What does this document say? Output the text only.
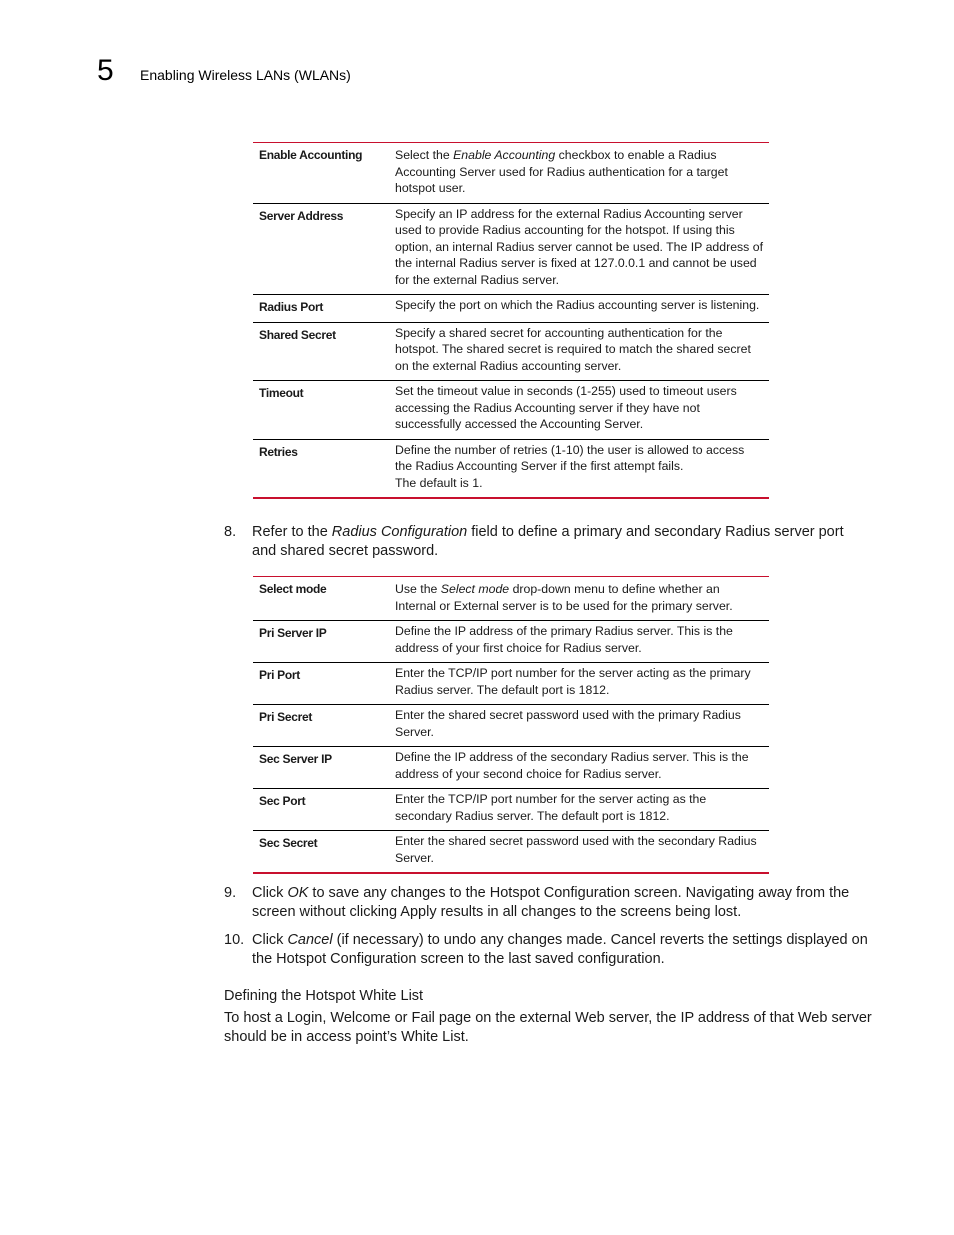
5 Enabling Wireless LANs (WLANs)
Enable Accounting	Select the Enable Accounting checkbox to enable a Radius Accounting Server used for Radius authentication for a target hotspot user.
Server Address	Specify an IP address for the external Radius Accounting server used to provide Radius accounting for the hotspot. If using this option, an internal Radius server cannot be used. The IP address of the internal Radius server is fixed at 127.0.0.1 and cannot be used for the external Radius server.
Radius Port	Specify the port on which the Radius accounting server is listening.
Shared Secret	Specify a shared secret for accounting authentication for the hotspot. The shared secret is required to match the shared secret on the external Radius accounting server.
Timeout	Set the timeout value in seconds (1-255) used to timeout users accessing the Radius Accounting server if they have not successfully accessed the Accounting Server.
Retries	Define the number of retries (1-10) the user is allowed to access the Radius Accounting Server if the first attempt fails.
The default is 1.
8. Refer to the Radius Configuration field to define a primary and secondary Radius server port and shared secret password.
Select mode	Use the Select mode drop-down menu to define whether an Internal or External server is to be used for the primary server.
Pri Server IP	Define the IP address of the primary Radius server. This is the address of your first choice for Radius server.
Pri Port	Enter the TCP/IP port number for the server acting as the primary Radius server. The default port is 1812.
Pri Secret	Enter the shared secret password used with the primary Radius Server.
Sec Server IP	Define the IP address of the secondary Radius server. This is the address of your second choice for Radius server.
Sec Port	Enter the TCP/IP port number for the server acting as the secondary Radius server. The default port is 1812.
Sec Secret	Enter the shared secret password used with the secondary Radius Server.
9. Click OK to save any changes to the Hotspot Configuration screen. Navigating away from the screen without clicking Apply results in all changes to the screens being lost.
10. Click Cancel (if necessary) to undo any changes made. Cancel reverts the settings displayed on the Hotspot Configuration screen to the last saved configuration.
Defining the Hotspot White List
To host a Login, Welcome or Fail page on the external Web server, the IP address of that Web server should be in access point’s White List.
